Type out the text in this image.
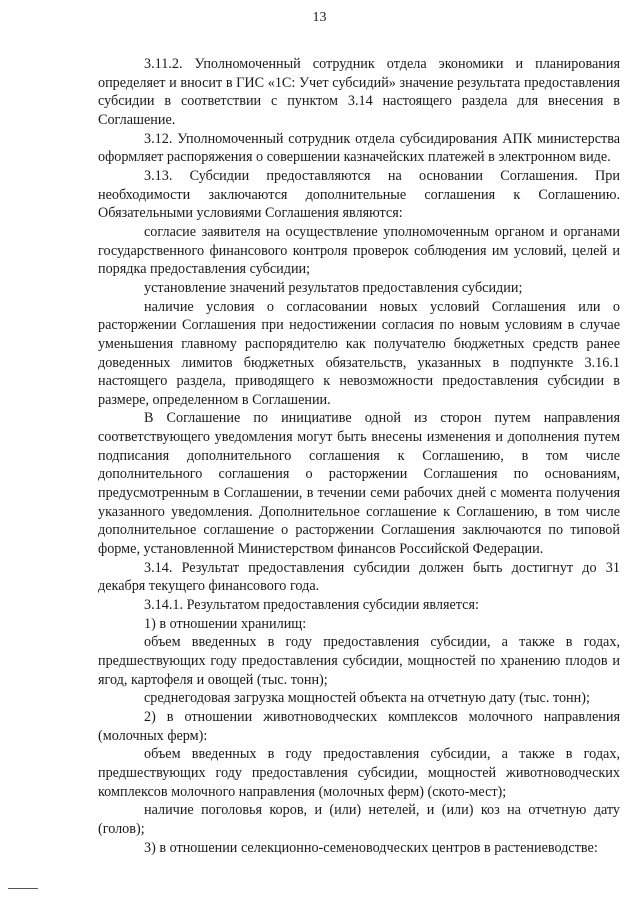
13

3.11.2. Уполномоченный сотрудник отдела экономики и планирования определяет и вносит в ГИС «1С: Учет субсидий» значение результата предоставления субсидии в соответствии с пунктом 3.14 настоящего раздела для внесения в Соглашение.

3.12. Уполномоченный сотрудник отдела субсидирования АПК министерства оформляет распоряжения о совершении казначейских платежей в электронном виде.

3.13. Субсидии предоставляются на основании Соглашения. При необходимости заключаются дополнительные соглашения к Соглашению. Обязательными условиями Соглашения являются:

согласие заявителя на осуществление уполномоченным органом и органами государственного финансового контроля проверок соблюдения им условий, целей и порядка предоставления субсидии;

установление значений результатов предоставления субсидии;

наличие условия о согласовании новых условий Соглашения или о расторжении Соглашения при недостижении согласия по новым условиям в случае уменьшения главному распорядителю как получателю бюджетных средств ранее доведенных лимитов бюджетных обязательств, указанных в подпункте 3.16.1 настоящего раздела, приводящего к невозможности предоставления субсидии в размере, определенном в Соглашении.

В Соглашение по инициативе одной из сторон путем направления соответствующего уведомления могут быть внесены изменения и дополнения путем подписания дополнительного соглашения к Соглашению, в том числе дополнительного соглашения о расторжении Соглашения по основаниям, предусмотренным в Соглашении, в течении семи рабочих дней с момента получения указанного уведомления. Дополнительное соглашение к Соглашению, в том числе дополнительное соглашение о расторжении Соглашения заключаются по типовой форме, установленной Министерством финансов Российской Федерации.

3.14. Результат предоставления субсидии должен быть достигнут до 31 декабря текущего финансового года.

3.14.1. Результатом предоставления субсидии является:

1) в отношении хранилищ:

объем введенных в году предоставления субсидии, а также в годах, предшествующих году предоставления субсидии, мощностей по хранению плодов и ягод, картофеля и овощей (тыс. тонн);

среднегодовая загрузка мощностей объекта на отчетную дату (тыс. тонн);

2) в отношении животноводческих комплексов молочного направления (молочных ферм):

объем введенных в году предоставления субсидии, а также в годах, предшествующих году предоставления субсидии, мощностей животноводческих комплексов молочного направления (молочных ферм) (ското-мест);

наличие поголовья коров, и (или) нетелей, и (или) коз на отчетную дату (голов);

3) в отношении селекционно-семеноводческих центров в растениеводстве:
